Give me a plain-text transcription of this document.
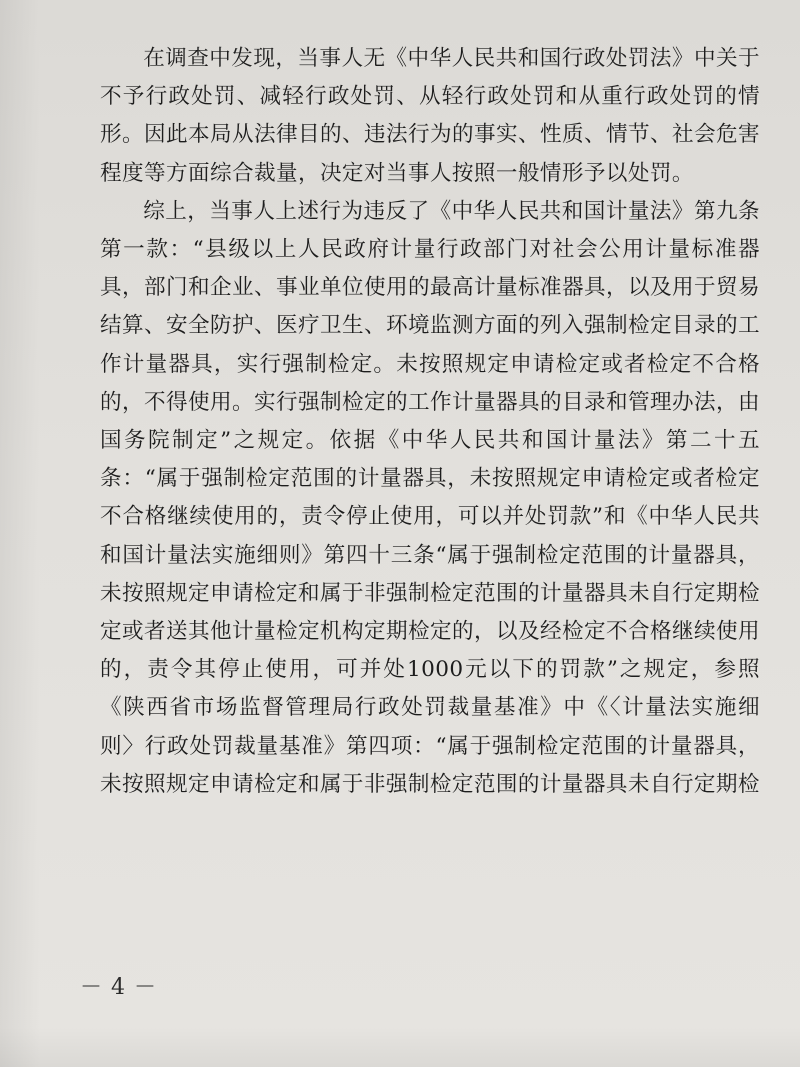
在调查中发现，当事人无《中华人民共和国行政处罚法》中关于不予行政处罚、减轻行政处罚、从轻行政处罚和从重行政处罚的情形。因此本局从法律目的、违法行为的事实、性质、情节、社会危害程度等方面综合裁量，决定对当事人按照一般情形予以处罚。

综上，当事人上述行为违反了《中华人民共和国计量法》第九条第一款：“县级以上人民政府计量行政部门对社会公用计量标准器具，部门和企业、事业单位使用的最高计量标准器具，以及用于贸易结算、安全防护、医疗卫生、环境监测方面的列入强制检定目录的工作计量器具，实行强制检定。未按照规定申请检定或者检定不合格的，不得使用。实行强制检定的工作计量器具的目录和管理办法，由国务院制定”之规定。依据《中华人民共和国计量法》第二十五条：“属于强制检定范围的计量器具，未按照规定申请检定或者检定不合格继续使用的，责令停止使用，可以并处罚款”和《中华人民共和国计量法实施细则》第四十三条“属于强制检定范围的计量器具，未按照规定申请检定和属于非强制检定范围的计量器具未自行定期检定或者送其他计量检定机构定期检定的，以及经检定不合格继续使用的，责令其停止使用，可并处1000元以下的罚款”之规定，参照《陕西省市场监督管理局行政处罚裁量基准》中《〈计量法实施细则〉行政处罚裁量基准》第四项：“属于强制检定范围的计量器具，未按照规定申请检定和属于非强制检定范围的计量器具未自行定期检

－ 4 －
